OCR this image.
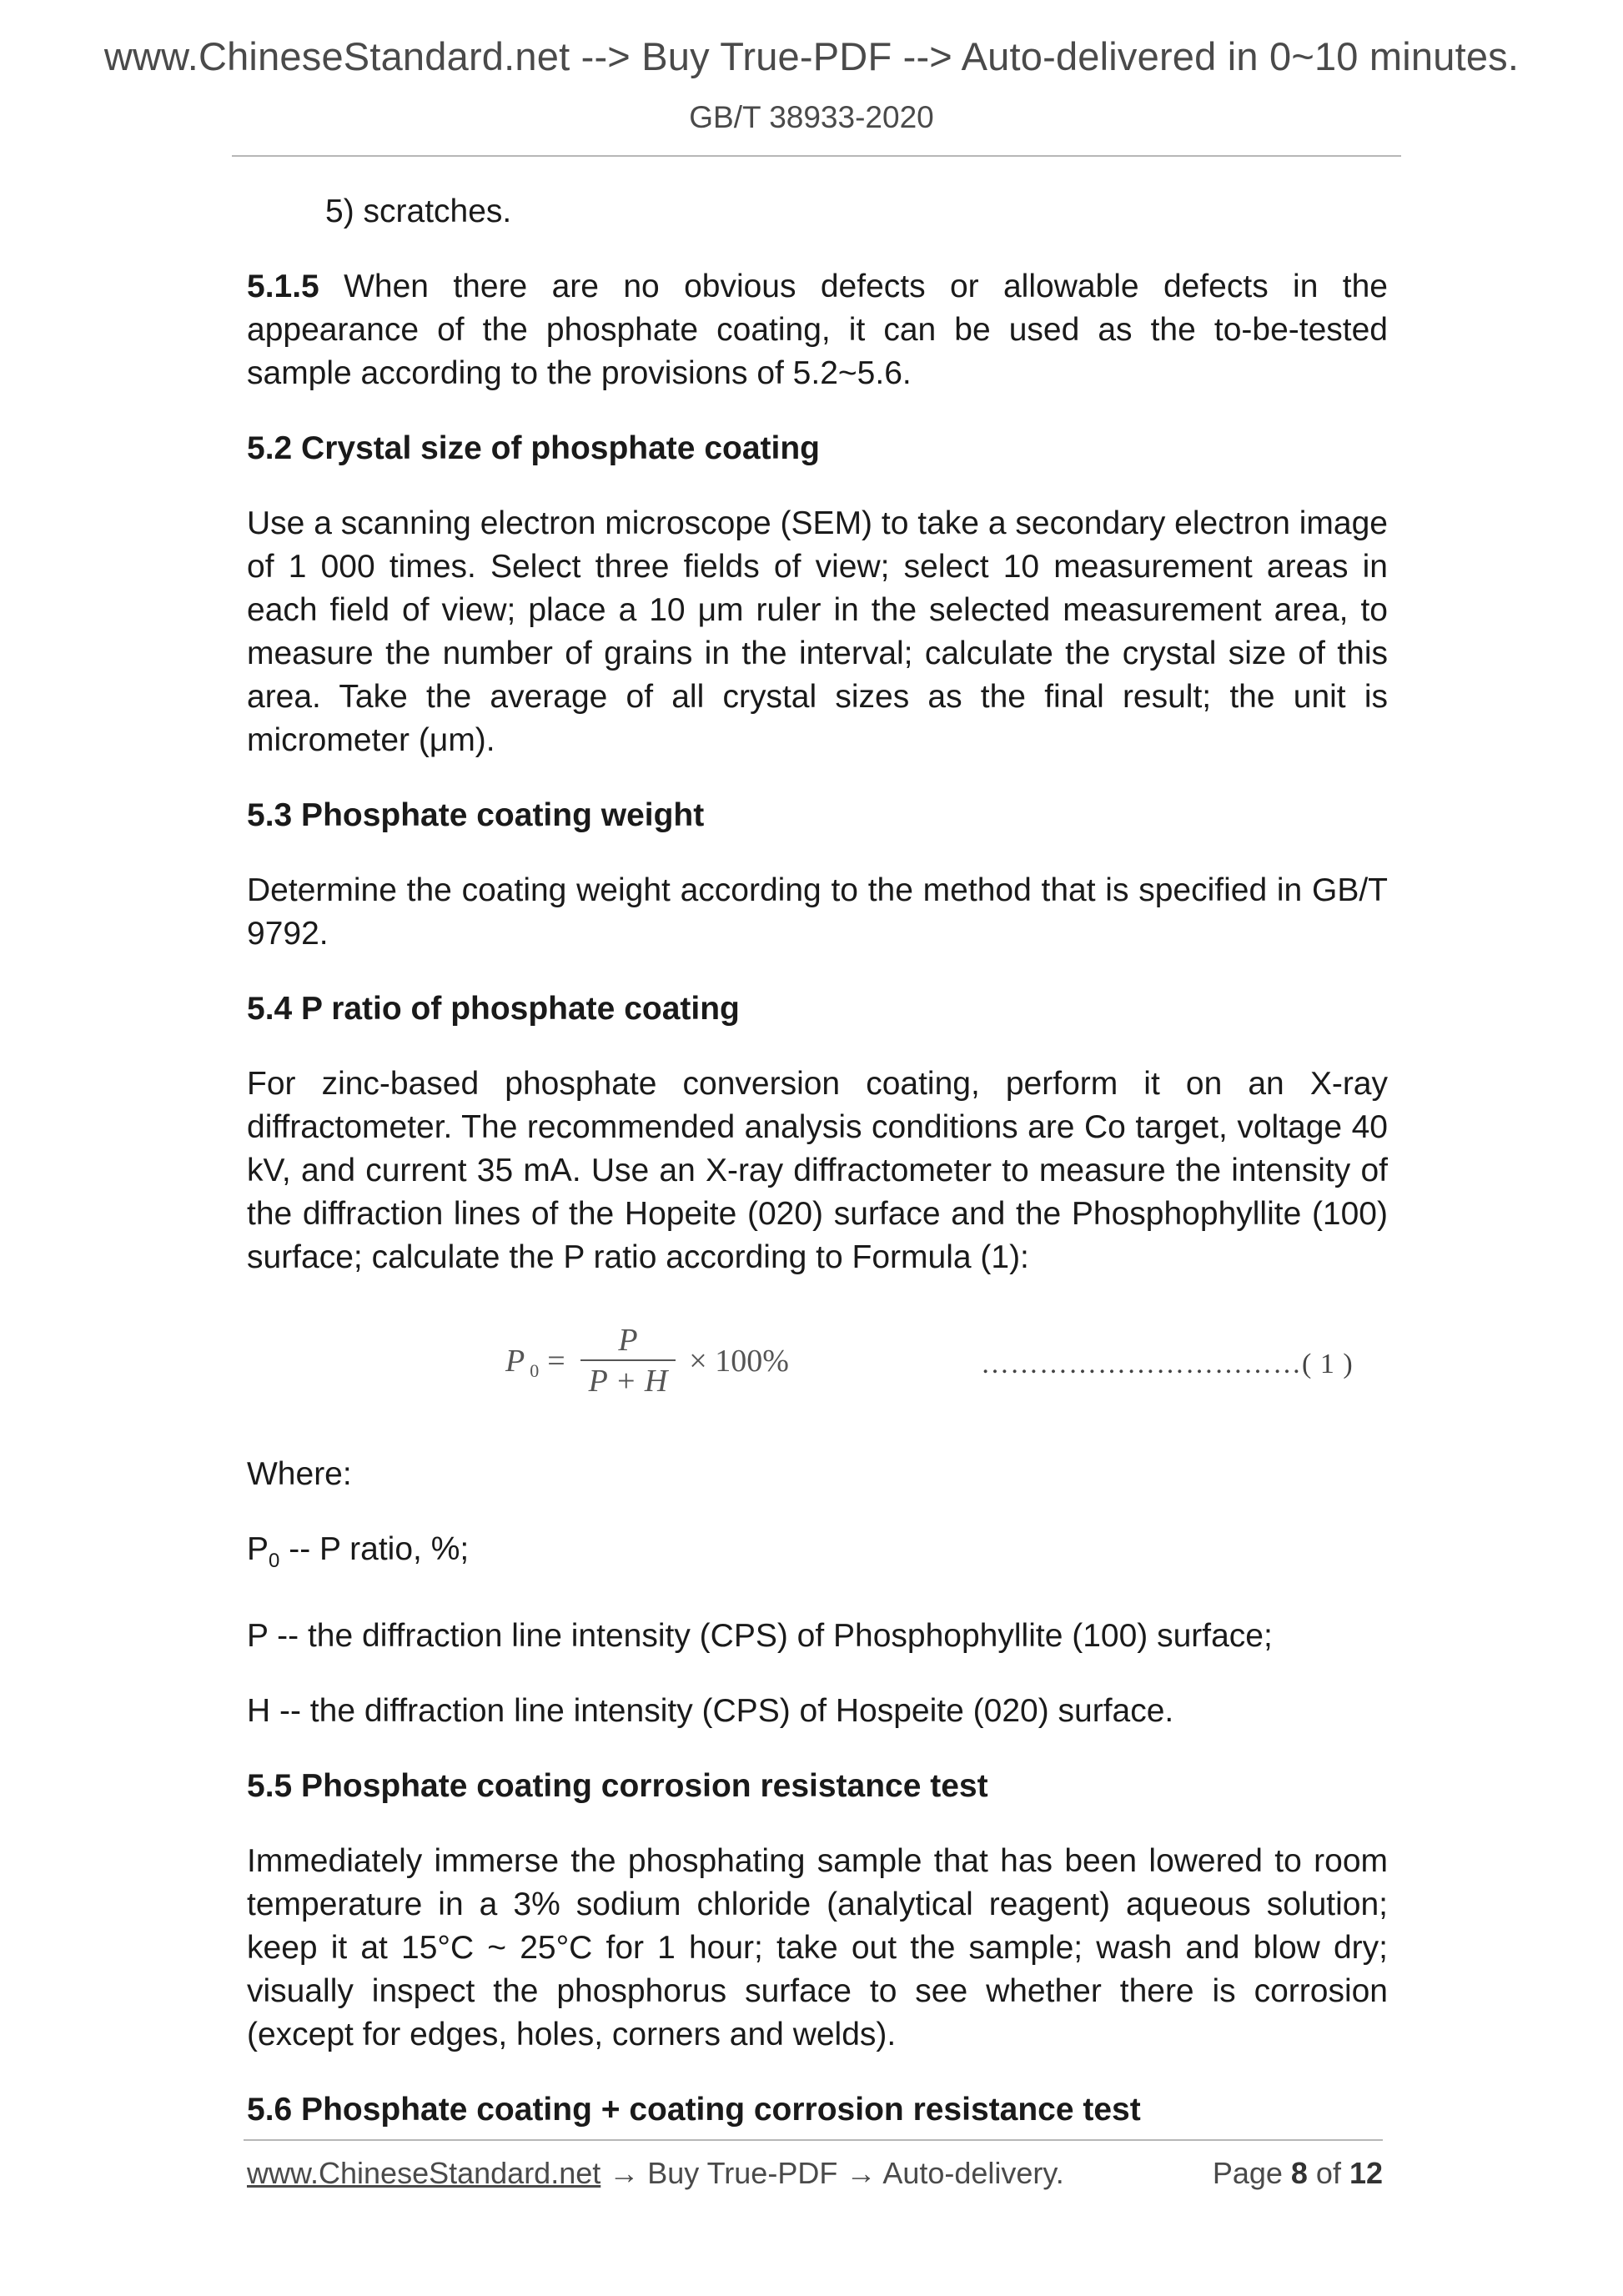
www.ChineseStandard.net --> Buy True-PDF --> Auto-delivered in 0~10 minutes.
GB/T 38933-2020

5) scratches.

5.1.5 When there are no obvious defects or allowable defects in the appearance of the phosphate coating, it can be used as the to-be-tested sample according to the provisions of 5.2~5.6.

5.2 Crystal size of phosphate coating

Use a scanning electron microscope (SEM) to take a secondary electron image of 1 000 times. Select three fields of view; select 10 measurement areas in each field of view; place a 10 μm ruler in the selected measurement area, to measure the number of grains in the interval; calculate the crystal size of this area. Take the average of all crystal sizes as the final result; the unit is micrometer (μm).

5.3 Phosphate coating weight

Determine the coating weight according to the method that is specified in GB/T 9792.

5.4 P ratio of phosphate coating

For zinc-based phosphate conversion coating, perform it on an X-ray diffractometer. The recommended analysis conditions are Co target, voltage 40 kV, and current 35 mA. Use an X-ray diffractometer to measure the intensity of the diffraction lines of the Hopeite (020) surface and the Phosphophyllite (100) surface; calculate the P ratio according to Formula (1):

P $0 = \frac{P}{P + H} \times 100\%$	……………………………( 1 )

Where:

$P_0$ -- P ratio, %;

P -- the diffraction line intensity (CPS) of Phosphophyllite (100) surface;

H -- the diffraction line intensity (CPS) of Hospeite (020) surface.

5.5 Phosphate coating corrosion resistance test

Immediately immerse the phosphating sample that has been lowered to room temperature in a 3% sodium chloride (analytical reagent) aqueous solution; keep it at 15°C ~ 25°C for 1 hour; take out the sample; wash and blow dry; visually inspect the phosphorus surface to see whether there is corrosion (except for edges, holes, corners and welds).

5.6 Phosphate coating + coating corrosion resistance test

www.ChineseStandard.net → Buy True-PDF → Auto-delivery.	Page 8 of 12
